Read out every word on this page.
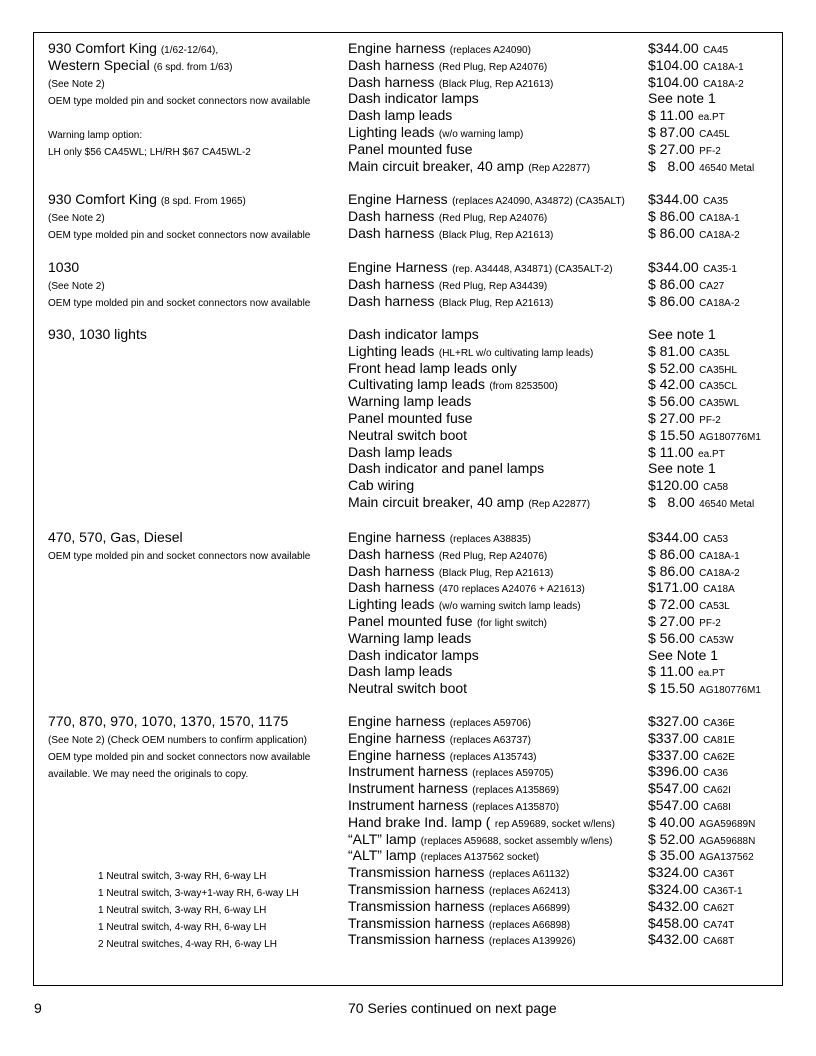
930 Comfort King (1/62-12/64),
Western Special (6 spd. from 1/63)
(See Note 2)
OEM type molded pin and socket connectors now available
Warning lamp option:
LH only $56 CA45WL; LH/RH $67 CA45WL-2
Engine harness (replaces A24090)	$344.00 CA45
Dash harness (Red Plug, Rep A24076)	$104.00 CA18A-1
Dash harness (Black Plug, Rep A21613)	$104.00 CA18A-2
Dash indicator lamps	See note 1
Dash lamp leads	$ 11.00 ea.PT
Lighting leads (w/o warning lamp)	$ 87.00 CA45L
Panel mounted fuse	$ 27.00 PF-2
Main circuit breaker, 40 amp (Rep A22877)	$   8.00 46540 Metal
930 Comfort King (8 spd. From 1965)
(See Note 2)
OEM type molded pin and socket connectors now available
Engine Harness (replaces A24090, A34872) (CA35ALT) $344.00 CA35
Dash harness (Red Plug, Rep A24076)	$ 86.00 CA18A-1
Dash harness (Black Plug, Rep A21613)	$ 86.00 CA18A-2
1030
(See Note 2)
OEM type molded pin and socket connectors now available
Engine Harness (rep. A34448, A34871) (CA35ALT-2)	$344.00 CA35-1
Dash harness (Red Plug, Rep A34439)	$ 86.00 CA27
Dash harness (Black Plug, Rep A21613)	$ 86.00 CA18A-2
930, 1030 lights	Dash indicator lamps	See note 1
Lighting leads (HL+RL w/o cultivating lamp leads)	$ 81.00 CA35L
Front head lamp leads only	$ 52.00 CA35HL
Cultivating lamp leads (from 8253500)	$ 42.00 CA35CL
Warning lamp leads	$ 56.00 CA35WL
Panel mounted fuse	$ 27.00 PF-2
Neutral switch boot	$ 15.50 AG180776M1
Dash lamp leads	$ 11.00 ea.PT
Dash indicator and panel lamps	See note 1
Cab wiring	$120.00 CA58
Main circuit breaker, 40 amp (Rep A22877)	$   8.00 46540 Metal
470, 570, Gas, Diesel
OEM type molded pin and socket connectors now available
Engine harness (replaces A38835)	$344.00 CA53
Dash harness (Red Plug, Rep A24076)	$ 86.00 CA18A-1
Dash harness (Black Plug, Rep A21613)	$ 86.00 CA18A-2
Dash harness (470 replaces A24076 + A21613)	$171.00 CA18A
Lighting leads (w/o warning switch lamp leads)	$ 72.00 CA53L
Panel mounted fuse (for light switch)	$ 27.00 PF-2
Warning lamp leads	$ 56.00 CA53W
Dash indicator lamps	See Note 1
Dash lamp leads	$ 11.00 ea.PT
Neutral switch boot	$ 15.50 AG180776M1
770, 870, 970, 1070, 1370, 1570, 1175
(See Note 2) (Check OEM numbers to confirm application)
OEM type molded pin and socket connectors now available
available. We may need the originals to copy.
1 Neutral switch, 3-way RH, 6-way LH
1 Neutral switch, 3-way+1-way RH, 6-way LH
1 Neutral switch, 3-way RH, 6-way LH
1 Neutral switch, 4-way RH, 6-way LH
2 Neutral switches, 4-way RH, 6-way LH
Engine harness (replaces A59706)	$327.00 CA36E
Engine harness (replaces A63737)	$337.00 CA81E
Engine harness (replaces A135743)	$337.00 CA62E
Instrument harness (replaces A59705)	$396.00 CA36
Instrument harness (replaces A135869)	$547.00 CA62I
Instrument harness (replaces A135870)	$547.00 CA68I
Hand brake Ind. lamp ( rep A59689, socket w/lens) $ 40.00 AGA59689N
“ALT” lamp (replaces A59688, socket assembly w/lens)	$ 52.00 AGA59688N
“ALT” lamp (replaces A137562 socket)	$ 35.00 AGA137562
Transmission harness (replaces A61132)	$324.00 CA36T
Transmission harness (replaces A62413)	$324.00 CA36T-1
Transmission harness (replaces A66899)	$432.00 CA62T
Transmission harness (replaces A66898)	$458.00 CA74T
Transmission harness (replaces A139926)	$432.00 CA68T
9	70 Series continued on next page
